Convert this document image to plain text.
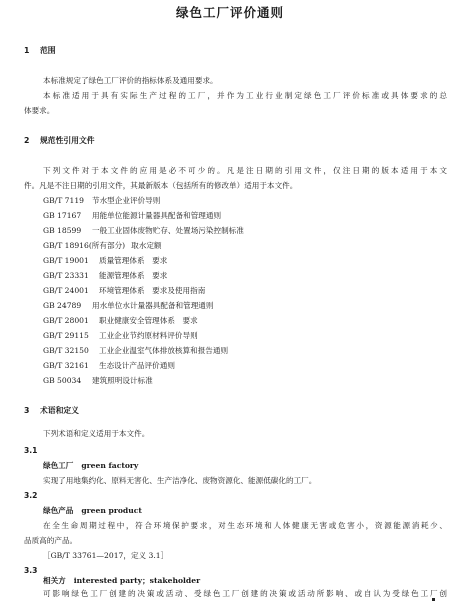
绿色工厂评价通则
1 范围
本标准规定了绿色工厂评价的指标体系及通用要求。
本标准适用于具有实际生产过程的工厂，并作为工业行业制定绿色工厂评价标准或具体要求的总
体要求。
2 规范性引用文件
下列文件对于本文件的应用是必不可少的。凡是注日期的引用文件，仅注日期的版本适用于本文
件。凡是不注日期的引用文件，其最新版本（包括所有的修改单）适用于本文件。
GB/T 7119 节水型企业评价导则
GB 17167 用能单位能源计量器具配备和管理通则
GB 18599 一般工业固体废物贮存、处置场污染控制标准
GB/T 18916(所有部分) 取水定额
GB/T 19001 质量管理体系　要求
GB/T 23331 能源管理体系　要求
GB/T 24001 环境管理体系　要求及使用指南
GB 24789 用水单位水计量器具配备和管理通则
GB/T 28001 职业健康安全管理体系　要求
GB/T 29115 工业企业节约原材料评价导则
GB/T 32150 工业企业温室气体排放核算和报告通则
GB/T 32161 生态设计产品评价通则
GB 50034 建筑照明设计标准
3 术语和定义
下列术语和定义适用于本文件。
3.1
绿色工厂 green factory
实现了用地集约化、原料无害化、生产洁净化、废物资源化、能源低碳化的工厂。
3.2
绿色产品 green product
在全生命周期过程中，符合环境保护要求，对生态环境和人体健康无害或危害小，资源能源消耗少、
品质高的产品。
［GB/T 33761—2017，定义 3.1］
3.3
相关方 interested party；stakeholder
可影响绿色工厂创建的决策或活动、受绿色工厂创建的决策或活动所影响、或自认为受绿色工厂创
